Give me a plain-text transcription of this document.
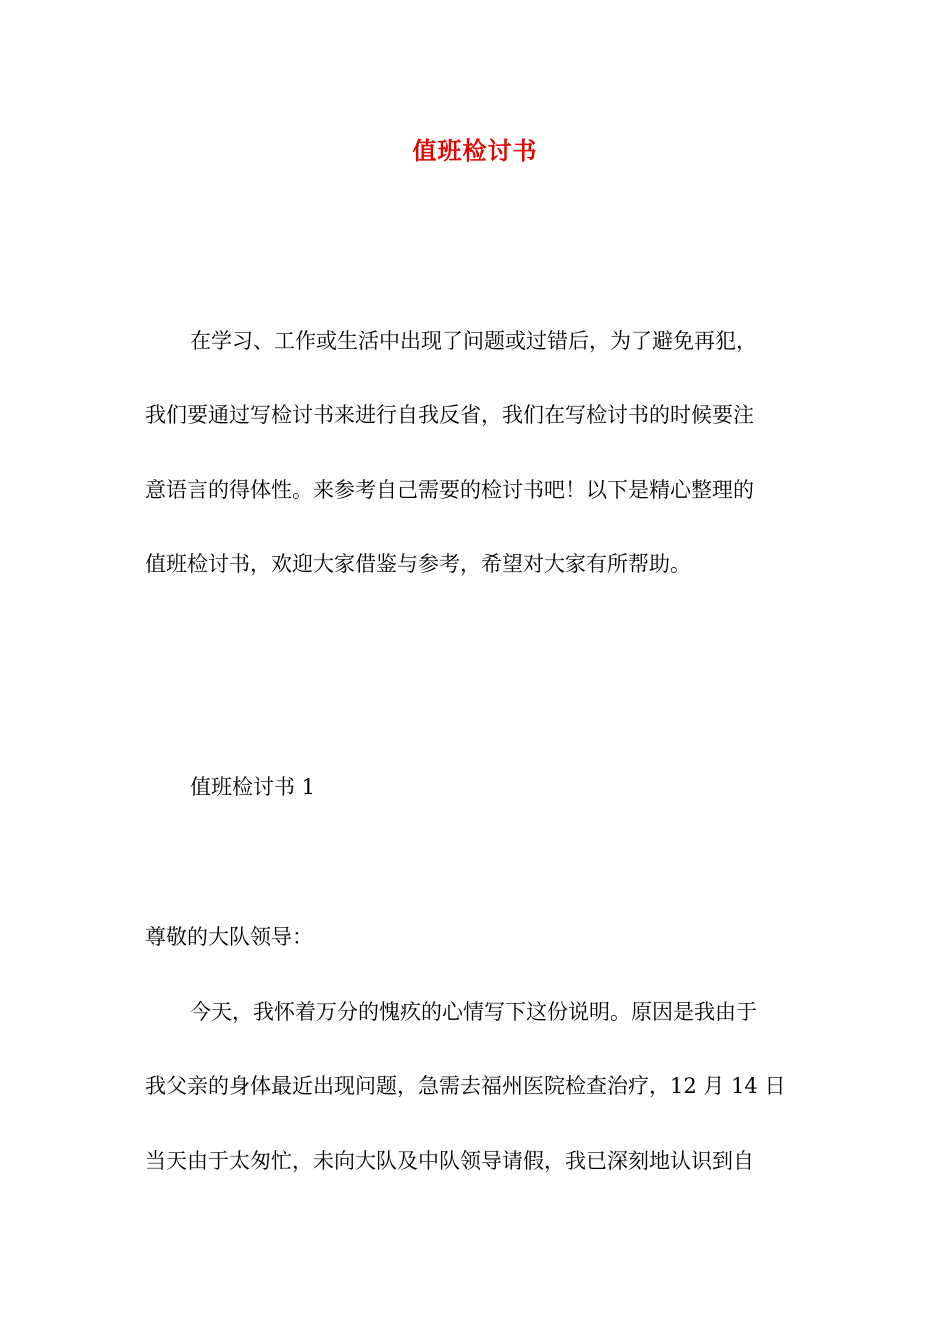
值班检讨书
在学习、工作或生活中出现了问题或过错后，为了避免再犯，
我们要通过写检讨书来进行自我反省，我们在写检讨书的时候要注
意语言的得体性。来参考自己需要的检讨书吧！以下是精心整理的
值班检讨书，欢迎大家借鉴与参考，希望对大家有所帮助。
值班检讨书 1
尊敬的大队领导：
今天，我怀着万分的愧疚的心情写下这份说明。原因是我由于
我父亲的身体最近出现问题，急需去福州医院检查治疗，12 月 14 日
当天由于太匆忙，未向大队及中队领导请假，我已深刻地认识到自
